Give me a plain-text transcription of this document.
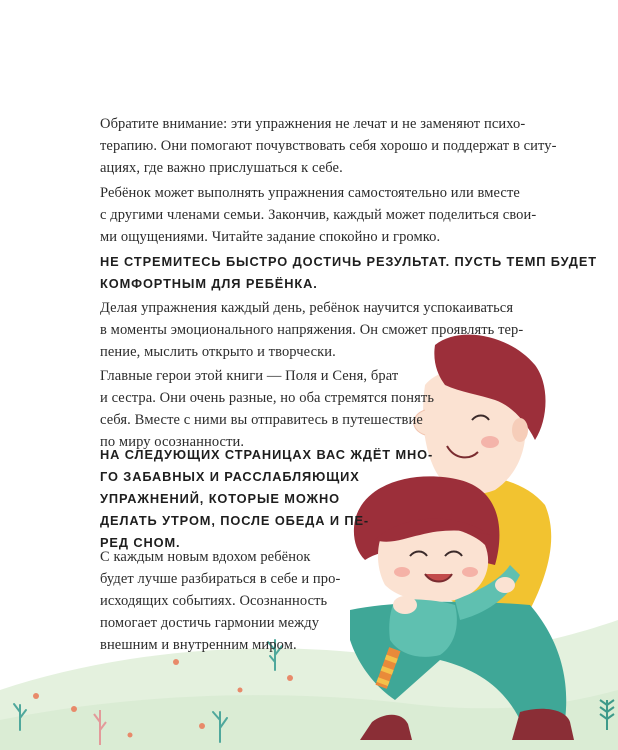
Обратите внимание: эти упражнения не лечат и не заменяют психо-
терапию. Они помогают почувствовать себя хорошо и поддержат в ситу-
ациях, где важно прислушаться к себе.

Ребёнок может выполнять упражнения самостоятельно или вместе
с другими членами семьи. Закончив, каждый может поделиться свои-
ми ощущениями. Читайте задание спокойно и громко.

НЕ СТРЕМИТЕСЬ БЫСТРО ДОСТИЧЬ РЕЗУЛЬТАТ. ПУСТЬ ТЕМП БУДЕТ
КОМФОРТНЫМ ДЛЯ РЕБЁНКА.

Делая упражнения каждый день, ребёнок научится успокаиваться
в моменты эмоционального напряжения. Он сможет проявлять тер-
пение, мыслить открыто и творчески.

Главные герои этой книги — Поля и Сеня, брат
и сестра. Они очень разные, но оба стремятся понять
себя. Вместе с ними вы отправитесь в путешествие
по миру осознанности.

НА СЛЕДУЮЩИХ СТРАНИЦАХ ВАС ЖДЁТ МНО-
ГО ЗАБАВНЫХ И РАССЛАБЛЯЮЩИХ
УПРАЖНЕНИЙ, КОТОРЫЕ МОЖНО
ДЕЛАТЬ УТРОМ, ПОСЛЕ ОБЕДА И ПЕ-
РЕД СНОМ.

С каждым новым вдохом ребёнок
будет лучше разбираться в себе и про-
исходящих событиях. Осознанность
помогает достичь гармонии между
внешним и внутренним миром.
